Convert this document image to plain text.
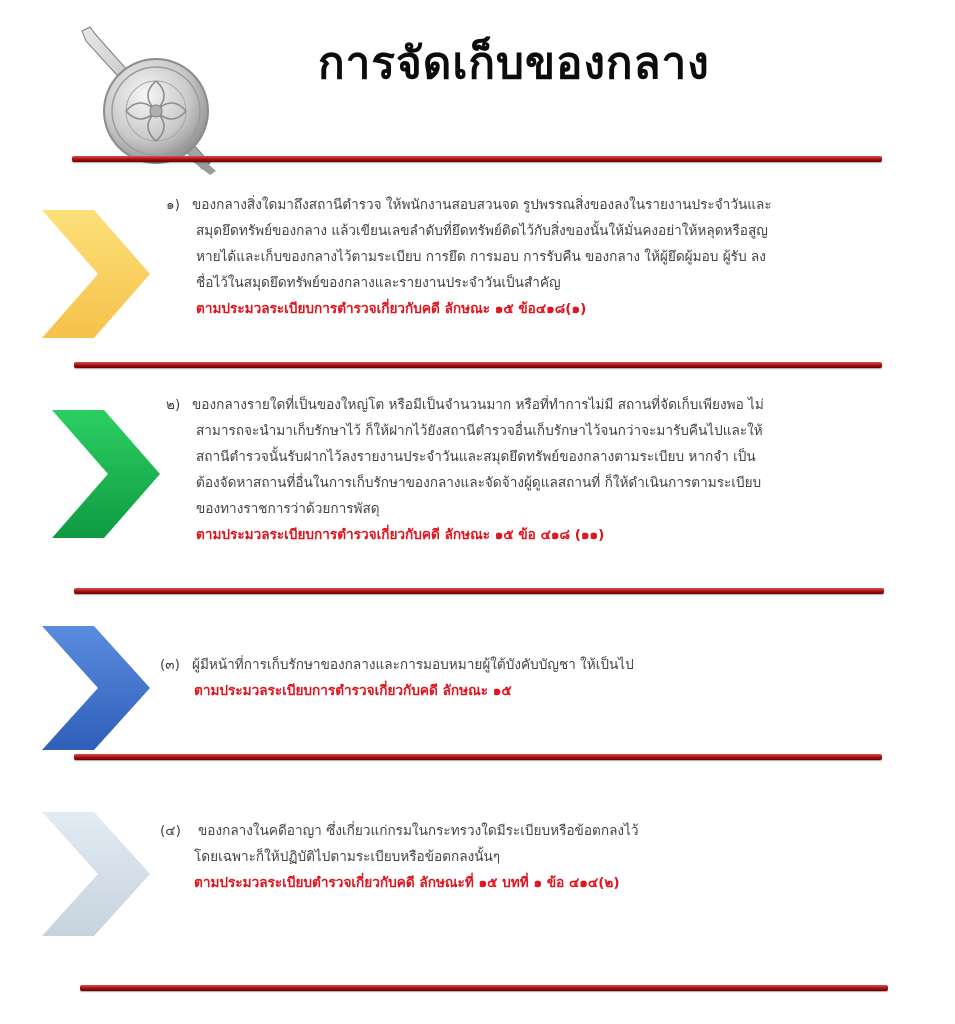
การจัดเก็บของกลาง
๑) ของกลางสิ่งใดมาถึงสถานีตำรวจ ให้พนักงานสอบสวนจด รูปพรรณสิ่งของลงในรายงานประจำวันและ
สมุดยึดทรัพย์ของกลาง แล้วเขียนเลขลำดับที่ยึดทรัพย์ติดไว้กับสิ่งของนั้นให้มั่นคงอย่าให้หลุดหรือสูญ
หายได้และเก็บของกลางไว้ตามระเบียบ การยึด การมอบ การรับคืน ของกลาง ให้ผู้ยึดผู้มอบ ผู้รับ ลง
ชื่อไว้ในสมุดยึดทรัพย์ของกลางและรายงานประจำวันเป็นสำคัญ
ตามประมวลระเบียบการตำรวจเกี่ยวกับคดี ลักษณะ ๑๕ ข้อ๔๑๘(๑)
๒) ของกลางรายใดที่เป็นของใหญ่โต หรือมีเป็นจำนวนมาก หรือที่ทำการไม่มี สถานที่จัดเก็บเพียงพอ ไม่
สามารถจะนำมาเก็บรักษาไว้ ก็ให้ฝากไว้ยังสถานีตำรวจอื่นเก็บรักษาไว้จนกว่าจะมารับคืนไปและให้
สถานีตำรวจนั้นรับฝากไว้ลงรายงานประจำวันและสมุดยึดทรัพย์ของกลางตามระเบียบ หากจำ เป็น
ต้องจัดหาสถานที่อื่นในการเก็บรักษาของกลางและจัดจ้างผู้ดูแลสถานที่ ก็ให้ดำเนินการตามระเบียบ
ของทางราชการว่าด้วยการพัสดุ
ตามประมวลระเบียบการตำรวจเกี่ยวกับคดี ลักษณะ ๑๕ ข้อ ๔๑๘ (๑๑)
(๓) ผู้มีหน้าที่การเก็บรักษาของกลางและการมอบหมายผู้ใต้บังคับบัญชา ให้เป็นไป
ตามประมวลระเบียบการตำรวจเกี่ยวกับคดี ลักษณะ ๑๕
(๔) ของกลางในคดีอาญา ซึ่งเกี่ยวแก่กรมในกระทรวงใดมีระเบียบหรือข้อตกลงไว้
โดยเฉพาะก็ให้ปฏิบัติไปตามระเบียบหรือข้อตกลงนั้นๆ
ตามประมวลระเบียบตำรวจเกี่ยวกับคดี ลักษณะที่ ๑๕ บทที่ ๑ ข้อ ๔๑๔(๒)
